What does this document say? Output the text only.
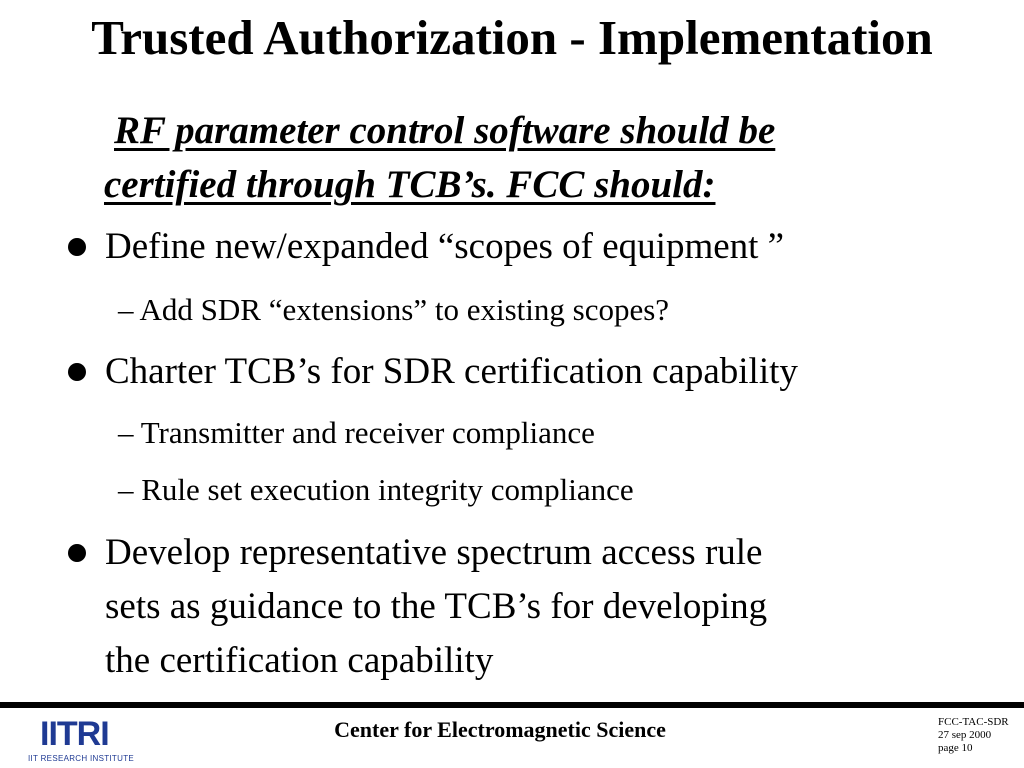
Trusted Authorization - Implementation
RF parameter control software should be
certified through TCB’s. FCC should:
Define new/expanded “scopes of equipment ”
– Add SDR “extensions” to existing scopes?
Charter TCB’s for SDR certification capability
– Transmitter and receiver compliance
– Rule set execution integrity compliance
Develop representative spectrum access rule
sets as guidance to the TCB’s for developing
the certification capability
IITRI
IIT RESEARCH INSTITUTE
Center for Electromagnetic Science	FCC-TAC-SDR
27 sep 2000
page 10
